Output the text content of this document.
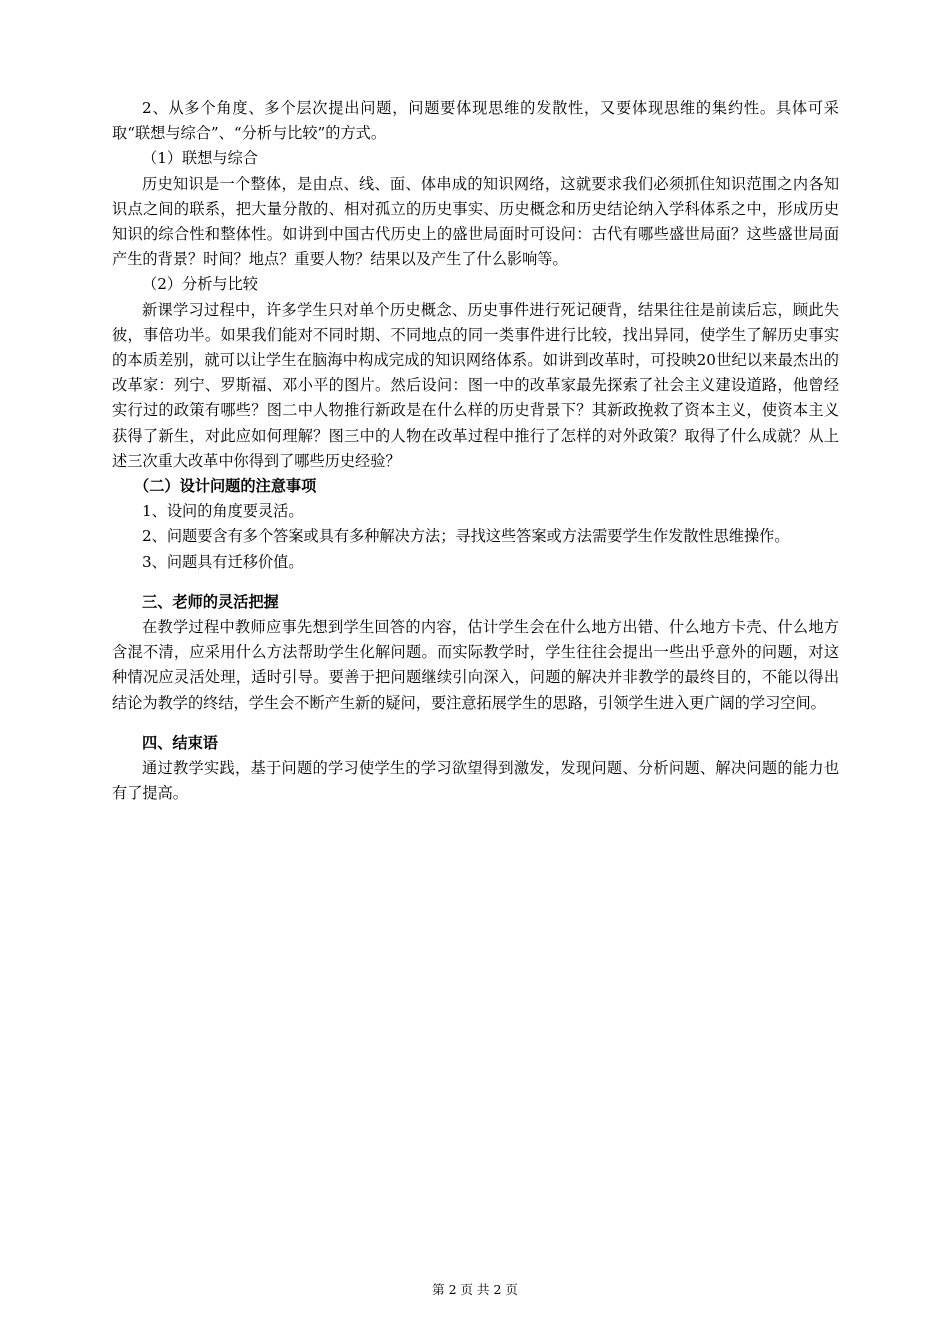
2、从多个角度、多个层次提出问题，问题要体现思维的发散性，又要体现思维的集约性。具体可采取“联想与综合”、“分析与比较”的方式。

（1）联想与综合

历史知识是一个整体，是由点、线、面、体串成的知识网络，这就要求我们必须抓住知识范围之内各知识点之间的联系，把大量分散的、相对孤立的历史事实、历史概念和历史结论纳入学科体系之中，形成历史知识的综合性和整体性。如讲到中国古代历史上的盛世局面时可设问：古代有哪些盛世局面？这些盛世局面产生的背景？时间？地点？重要人物？结果以及产生了什么影响等。

（2）分析与比较

新课学习过程中，许多学生只对单个历史概念、历史事件进行死记硬背，结果往往是前读后忘，顾此失彼，事倍功半。如果我们能对不同时期、不同地点的同一类事件进行比较，找出异同，使学生了解历史事实的本质差别，就可以让学生在脑海中构成完成的知识网络体系。如讲到改革时，可投映20世纪以来最杰出的改革家：列宁、罗斯福、邓小平的图片。然后设问：图一中的改革家最先探索了社会主义建设道路，他曾经实行过的政策有哪些？图二中人物推行新政是在什么样的历史背景下？其新政挽救了资本主义，使资本主义获得了新生，对此应如何理解？图三中的人物在改革过程中推行了怎样的对外政策？取得了什么成就？从上述三次重大改革中你得到了哪些历史经验？

（二）设计问题的注意事项

1、设问的角度要灵活。

2、问题要含有多个答案或具有多种解决方法；寻找这些答案或方法需要学生作发散性思维操作。

3、问题具有迁移价值。

三、老师的灵活把握

在教学过程中教师应事先想到学生回答的内容，估计学生会在什么地方出错、什么地方卡壳、什么地方含混不清，应采用什么方法帮助学生化解问题。而实际教学时，学生往往会提出一些出乎意外的问题，对这种情况应灵活处理，适时引导。要善于把问题继续引向深入，问题的解决并非教学的最终目的，不能以得出结论为教学的终结，学生会不断产生新的疑问，要注意拓展学生的思路，引领学生进入更广阔的学习空间。

四、结束语

通过教学实践，基于问题的学习使学生的学习欲望得到激发，发现问题、分析问题、解决问题的能力也有了提高。

第 2 页 共 2 页
